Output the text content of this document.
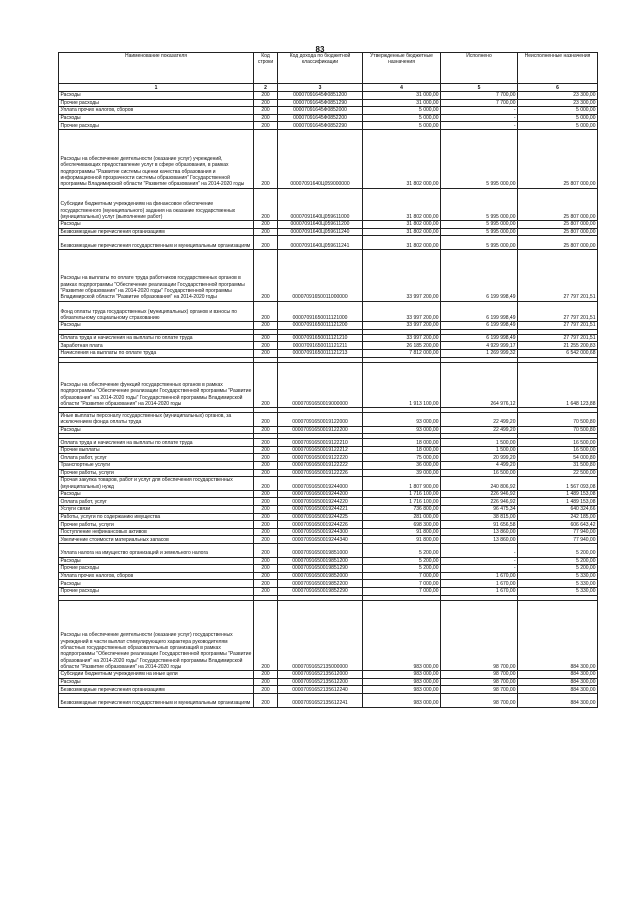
83
Наименование показателя	Код строки	Код дохода по бюджетной классификации	Утвержденные бюджетные назначения	Исполнено	Неисполненные назначения
1	2	3	4	5	6
Расходы	200	00007091645Ф0851200	31 000,00	7 700,00	23 300,00
Прочие расходы	200	00007091645Ф0851290	31 000,00	7 700,00	23 300,00
Уплата прочих налогов, сборов	200	00007091645Ф0852000	5 000,00	-	5 000,00
Расходы	200	00007091645Ф0852200	5 000,00	-	5 000,00
Прочие расходы	200	00007091645Ф0852290	5 000,00	-	5 000,00
Расходы на обеспечение деятельности (оказание услуг) учреждений, обеспечивающих предоставление услуг в сфере образования, в рамках подпрограммы "Развитие системы оценки качества образования и информационной прозрачности системы образования" Государственной программы Владимирской области "Развитие образования" на 2014-2020 годы	200	00007091640Ц059000000	31 802 000,00	5 995 000,00	25 807 000,00
Субсидии бюджетным учреждениям на финансовое обеспечение государственного (муниципального) задания на оказание государственных (муниципальных) услуг (выполнение работ)	200	00007091640Ц059611000	31 802 000,00	5 995 000,00	25 807 000,00
Расходы	200	00007091640Ц059611200	31 802 000,00	5 995 000,00	25 807 000,00
Безвозмездные перечисления организациям	200	00007091640Ц059611240	31 802 000,00	5 995 000,00	25 807 000,00
Безвозмездные перечисления государственным и муниципальным организациям	200	00007091640Ц059611241	31 802 000,00	5 995 000,00	25 807 000,00
Расходы на выплаты по оплате труда работников государственных органов в рамках подпрограммы "Обеспечение реализации Государственной программы "Развитие образования" на 2014-2020 годы" Государственной программы Владимирской области "Развитие образования" на 2014-2020 годы	200	00007091650011000000	33 997 200,00	6 199 998,49	27 797 201,51
Фонд оплаты труда государственных (муниципальных) органов и взносы по обязательному социальному страхованию	200	00007091650011121000	33 997 200,00	6 199 998,49	27 797 201,51
Расходы	200	00007091650011121200	33 997 200,00	6 199 998,49	27 797 201,51

Оплата труда и начисления на выплаты по оплате труда	200	00007091650011121210	33 997 200,00	6 199 998,49	27 797 201,51
Заработная плата	200	00007091650011121211	26 185 200,00	4 929 999,17	21 255 200,83
Начисления на выплаты по оплате труда	200	00007091650011121213	7 812 000,00	1 269 999,32	6 542 000,68

Расходы на обеспечение функций государственных органов в рамках подпрограммы "Обеспечение реализации Государственной программы "Развитие образования" на 2014-2020 годы" Государственной программы Владимирской области "Развитие образования" на 2014-2020 годы	200	00007091650019000000	1 913 100,00	264 976,12	1 648 123,88

Иные выплаты персоналу государственных (муниципальных) органов, за исключением фонда оплаты труда	200	00007091650019122000	93 000,00	22 499,20	70 500,80
Расходы	200	00007091650019122200	93 000,00	22 499,20	70 500,80

Оплата труда и начисления на выплаты по оплате труда	200	00007091650019122210	18 000,00	1 500,00	16 500,00
Прочие выплаты	200	00007091650019122212	18 000,00	1 500,00	16 500,00
Оплата работ, услуг	200	00007091650019122220	75 000,00	20 999,20	54 000,80
Транспортные услуги	200	00007091650019122222	36 000,00	4 499,20	31 500,80
Прочие работы, услуги	200	00007091650019122226	39 000,00	16 500,00	22 500,00
Прочая закупка товаров, работ и услуг для обеспечения государственных (муниципальных) нужд	200	00007091650019244000	1 807 900,00	240 806,92	1 567 093,08
Расходы	200	00007091650019244200	1 716 100,00	226 946,92	1 489 153,08
Оплата работ, услуг	200	00007091650019244220	1 716 100,00	226 946,92	1 489 153,08
Услуги связи	200	00007091650019244221	736 800,00	96 475,34	640 324,66
Работы, услуги по содержанию имущества	200	00007091650019244225	281 000,00	38 815,00	242 185,00
Прочие работы, услуги	200	00007091650019244226	698 300,00	91 656,58	606 643,42
Поступление нефинансовых активов	200	00007091650019244300	91 800,00	13 860,00	77 940,00
Увеличение стоимости материальных запасов	200	00007091650019244340	91 800,00	13 860,00	77 940,00
Уплата налога на имущество организаций и земельного налога	200	00007091650019851000	5 200,00	-	5 200,00
Расходы	200	00007091650019851200	5 200,00	-	5 200,00
Прочие расходы	200	00007091650019851290	5 200,00	-	5 200,00
Уплата прочих налогов, сборов	200	00007091650019852000	7 000,00	1 670,00	5 330,00
Расходы	200	00007091650019852200	7 000,00	1 670,00	5 330,00
Прочие расходы	200	00007091650019852290	7 000,00	1 670,00	5 330,00

Расходы на обеспечение деятельности (оказание услуг) государственных учреждений в части выплат стимулирующего характера руководителям областных государственных образовательных организаций в рамках подпрограммы "Обеспечение реализации Государственной программы "Развитие образования" на 2014-2020 годы" Государственной программы Владимирской области "Развитие образования" на 2014-2020 годы	200	00007091652135000000	983 000,00	98 700,00	884 300,00
Субсидии бюджетным учреждениям на иные цели	200	00007091652135612000	983 000,00	98 700,00	884 300,00
Расходы	200	00007091652135612200	983 000,00	98 700,00	884 300,00
Безвозмездные перечисления организациям	200	00007091652135612240	983 000,00	98 700,00	884 300,00
Безвозмездные перечисления государственным и муниципальным организациям	200	00007091652135612241	983 000,00	98 700,00	884 300,00
